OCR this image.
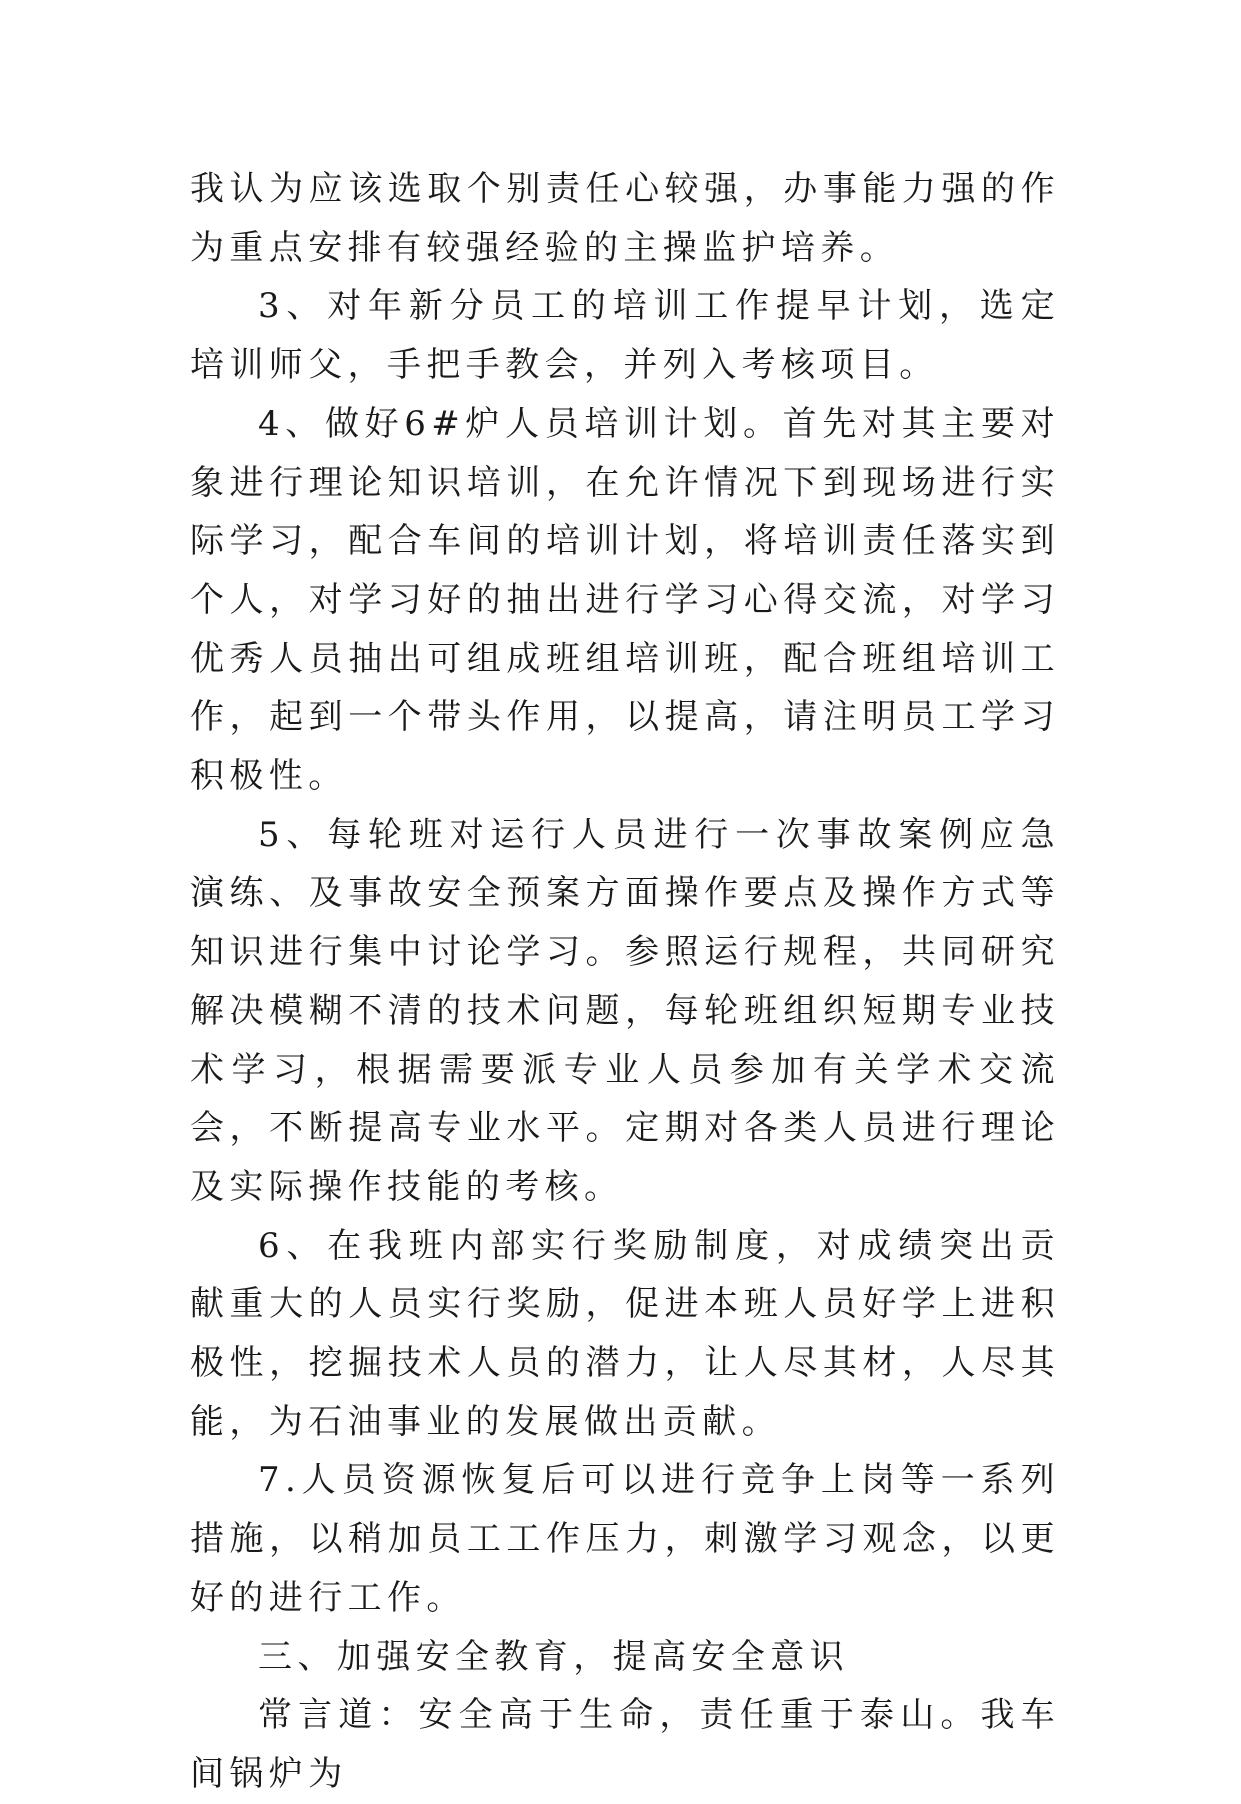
我认为应该选取个别责任心较强，办事能力强的作为重点安排有较强经验的主操监护培养。

3、对年新分员工的培训工作提早计划，选定培训师父，手把手教会，并列入考核项目。

4、做好6#炉人员培训计划。首先对其主要对象进行理论知识培训，在允许情况下到现场进行实际学习，配合车间的培训计划，将培训责任落实到个人，对学习好的抽出进行学习心得交流，对学习优秀人员抽出可组成班组培训班，配合班组培训工作，起到一个带头作用，以提高，请注明员工学习积极性。

5、每轮班对运行人员进行一次事故案例应急演练、及事故安全预案方面操作要点及操作方式等知识进行集中讨论学习。参照运行规程，共同研究解决模糊不清的技术问题，每轮班组织短期专业技术学习，根据需要派专业人员参加有关学术交流会，不断提高专业水平。定期对各类人员进行理论及实际操作技能的考核。

6、在我班内部实行奖励制度，对成绩突出贡献重大的人员实行奖励，促进本班人员好学上进积极性，挖掘技术人员的潜力，让人尽其材，人尽其能，为石油事业的发展做出贡献。

7.人员资源恢复后可以进行竞争上岗等一系列措施，以稍加员工工作压力，刺激学习观念，以更好的进行工作。

三、加强安全教育，提高安全意识

常言道：安全高于生命，责任重于泰山。我车间锅炉为
